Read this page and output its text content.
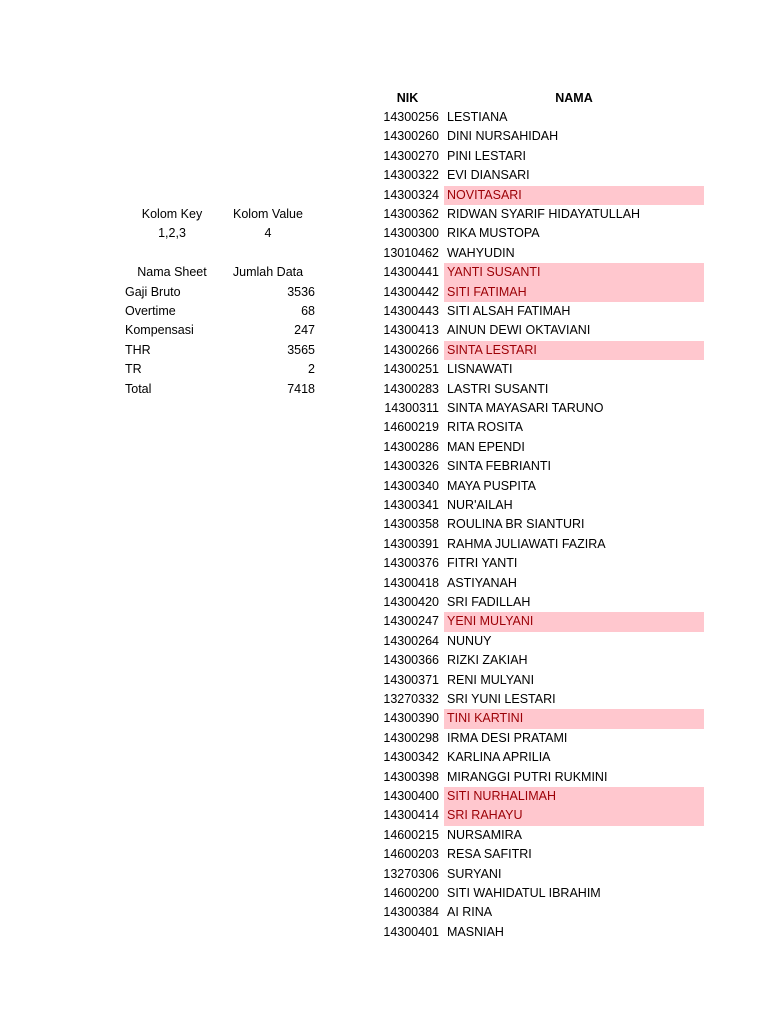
Kolom Key	Kolom Value
1,2,3	4
Nama Sheet	Jumlah Data
Gaji Bruto	3536
Overtime	68
Kompensasi	247
THR	3565
TR	2
Total	7418
NIK	NAMA
14300256 LESTIANA
14300260 DINI NURSAHIDAH
14300270 PINI LESTARI
14300322 EVI DIANSARI
14300324 NOVITASARI
14300362 RIDWAN SYARIF HIDAYATULLAH
14300300 RIKA MUSTOPA
13010462 WAHYUDIN
14300441 YANTI SUSANTI
14300442 SITI FATIMAH
14300443 SITI ALSAH FATIMAH
14300413 AINUN DEWI OKTAVIANI
14300266 SINTA LESTARI
14300251 LISNAWATI
14300283 LASTRI SUSANTI
14300311 SINTA MAYASARI TARUNO
14600219 RITA ROSITA
14300286 MAN EPENDI
14300326 SINTA FEBRIANTI
14300340 MAYA PUSPITA
14300341 NUR'AILAH
14300358 ROULINA BR SIANTURI
14300391 RAHMA JULIAWATI FAZIRA
14300376 FITRI YANTI
14300418 ASTIYANAH
14300420 SRI FADILLAH
14300247 YENI MULYANI
14300264 NUNUY
14300366 RIZKI ZAKIAH
14300371 RENI MULYANI
13270332 SRI YUNI LESTARI
14300390 TINI KARTINI
14300298 IRMA DESI PRATAMI
14300342 KARLINA APRILIA
14300398 MIRANGGI PUTRI RUKMINI
14300400 SITI NURHALIMAH
14300414 SRI RAHAYU
14600215 NURSAMIRA
14600203 RESA SAFITRI
13270306 SURYANI
14600200 SITI WAHIDATUL IBRAHIM
14300384 AI RINA
14300401 MASNIAH
